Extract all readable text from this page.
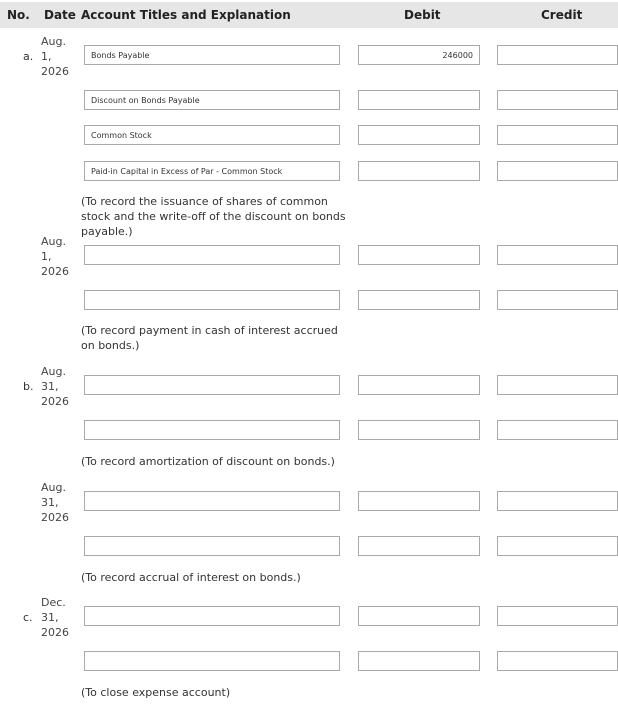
No. Date Account Titles and Explanation	Debit	Credit
a.
Aug.
1,
2026
Bonds Payable
246000
Discount on Bonds Payable
Common Stock
Paid-in Capital in Excess of Par - Common Stock
(To record the issuance of shares of common stock and the write-off of the discount on bonds payable.)
Aug.
1,
2026
(To record payment in cash of interest accrued on bonds.)
b.
Aug.
31,
2026
(To record amortization of discount on bonds.)
Aug.
31,
2026
(To record accrual of interest on bonds.)
c.
Dec.
31,
2026
(To close expense account)
